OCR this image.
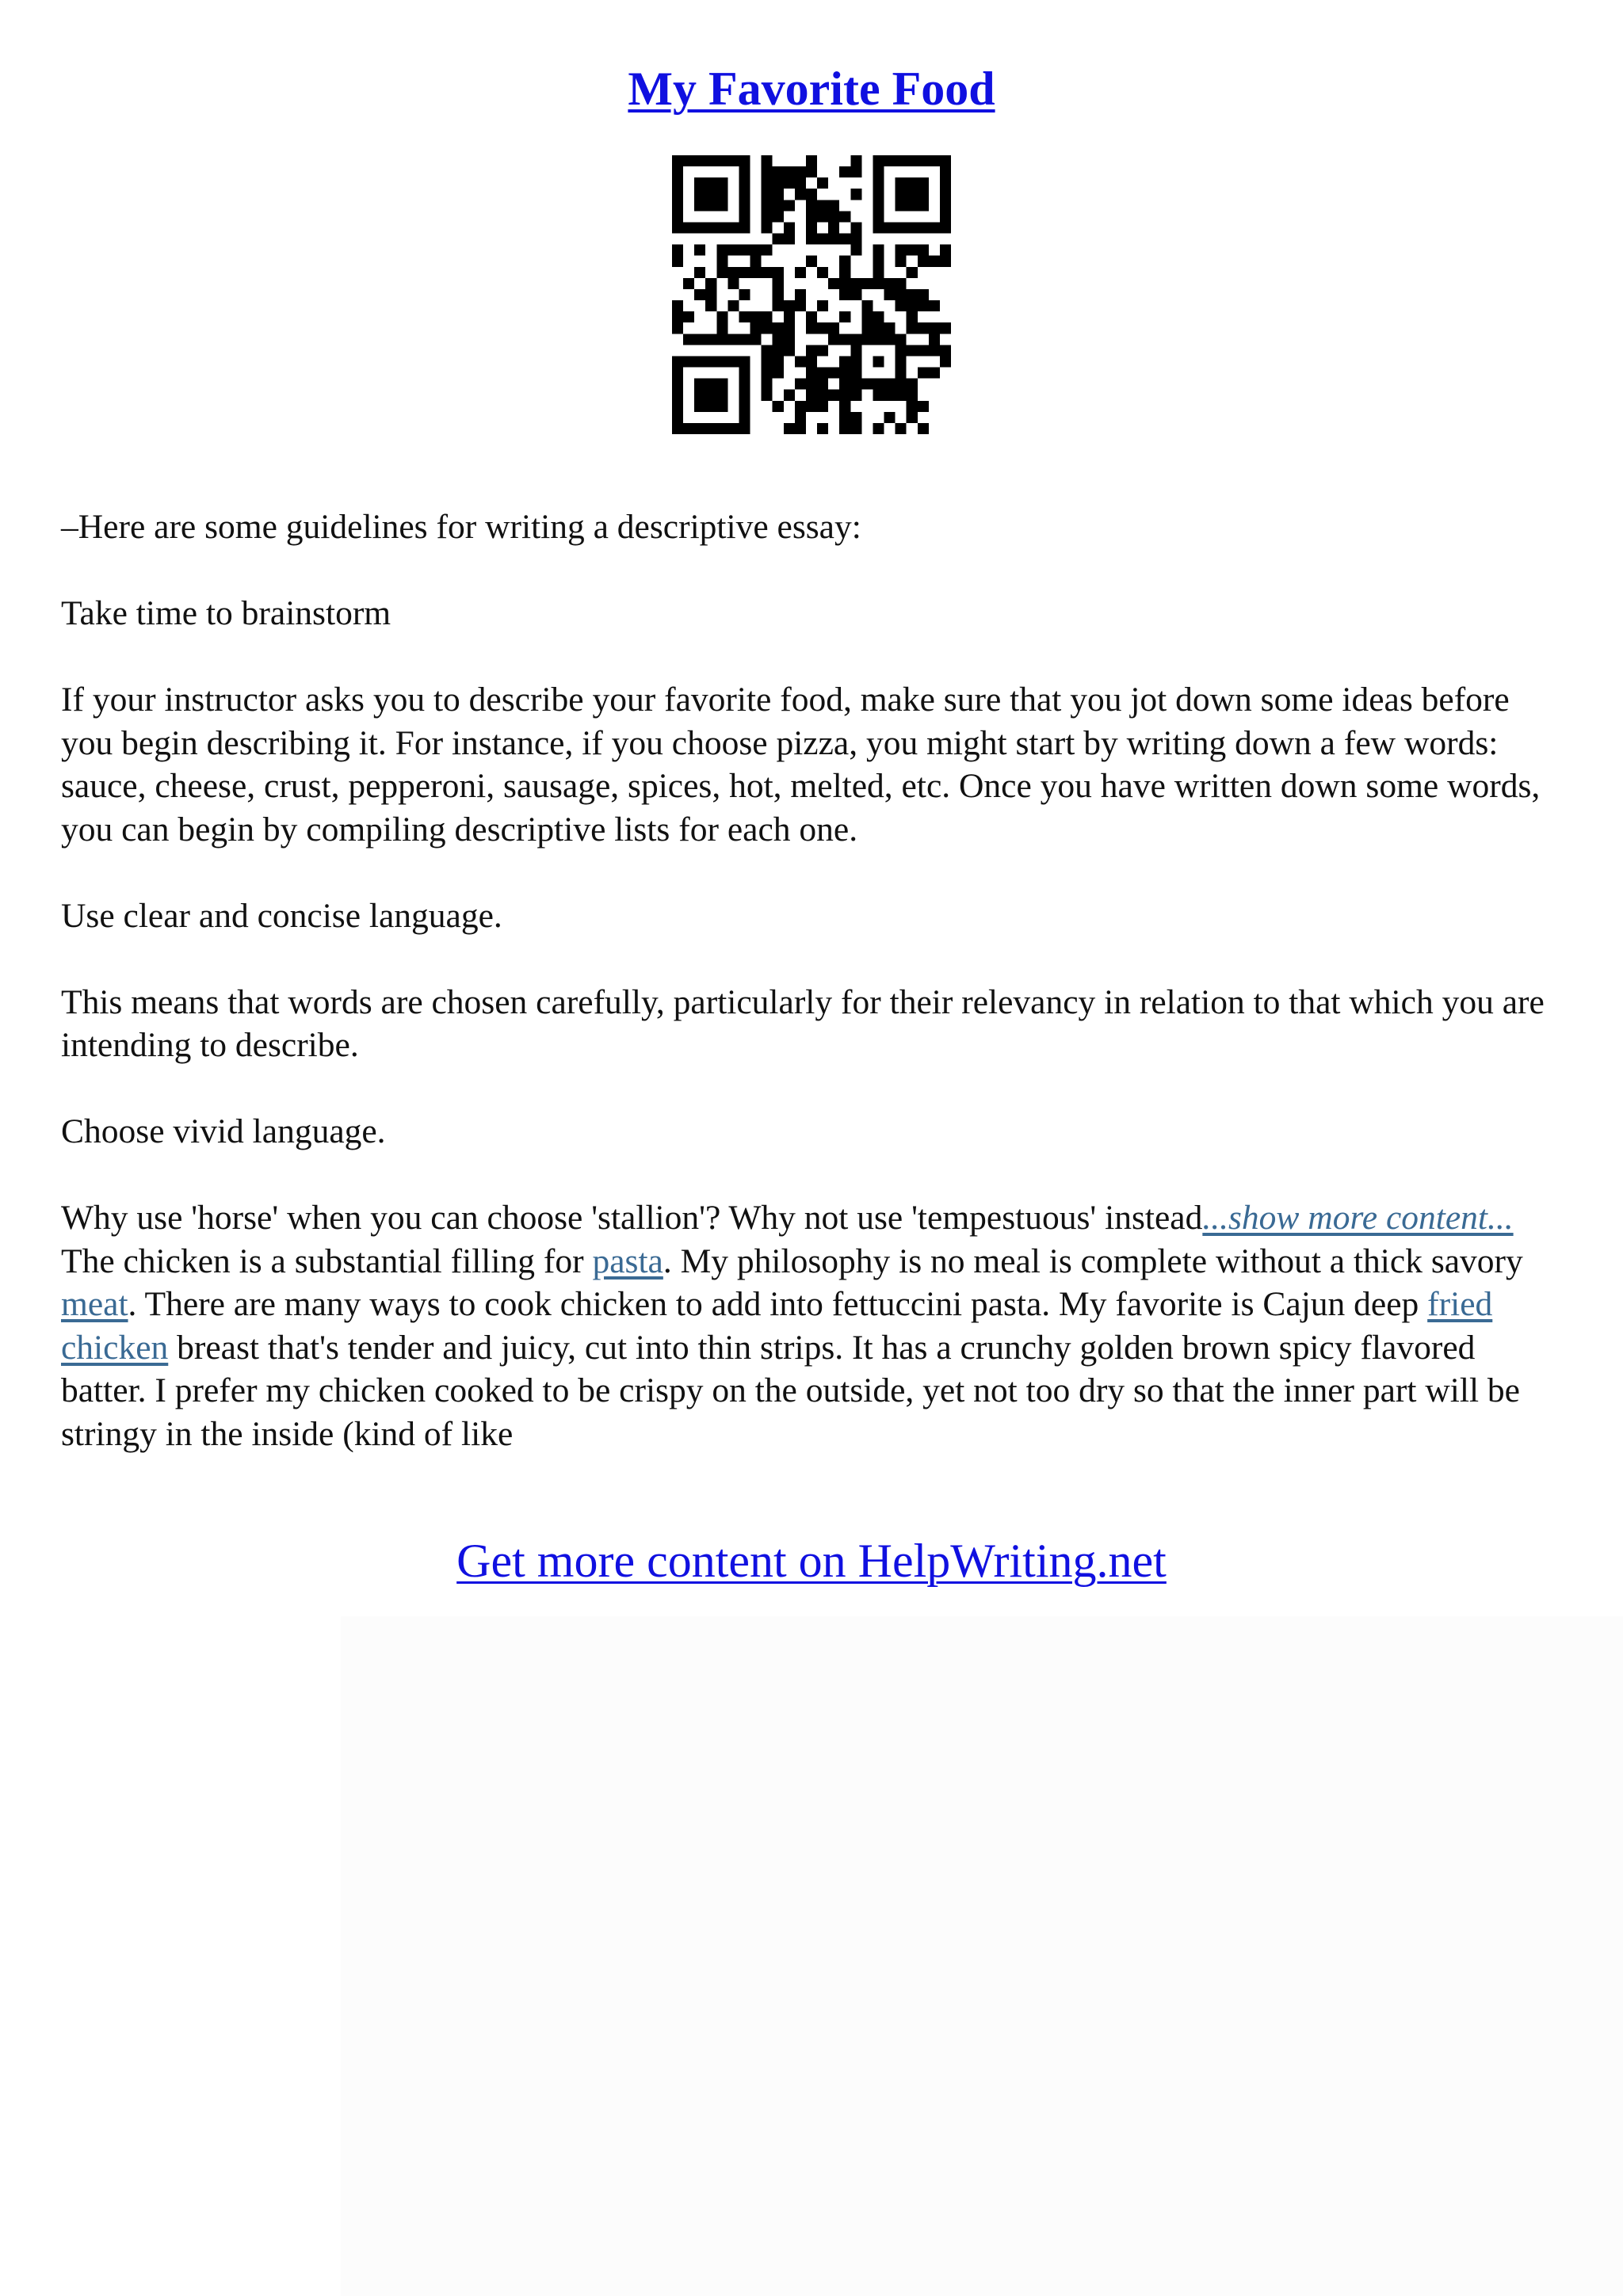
My Favorite Food

–Here are some guidelines for writing a descriptive essay:

Take time to brainstorm

If your instructor asks you to describe your favorite food, make sure that you jot down some ideas before you begin describing it. For instance, if you choose pizza, you might start by writing down a few words: sauce, cheese, crust, pepperoni, sausage, spices, hot, melted, etc. Once you have written down some words, you can begin by compiling descriptive lists for each one.

Use clear and concise language.

This means that words are chosen carefully, particularly for their relevancy in relation to that which you are intending to describe.

Choose vivid language.

Why use 'horse' when you can choose 'stallion'? Why not use 'tempestuous' instead...show more content...

The chicken is a substantial filling for pasta. My philosophy is no meal is complete without a thick savory meat. There are many ways to cook chicken to add into fettuccini pasta. My favorite is Cajun deep fried chicken breast that's tender and juicy, cut into thin strips. It has a crunchy golden brown spicy flavored batter. I prefer my chicken cooked to be crispy on the outside, yet not too dry so that the inner part will be stringy in the inside (kind of like

Get more content on HelpWriting.net
